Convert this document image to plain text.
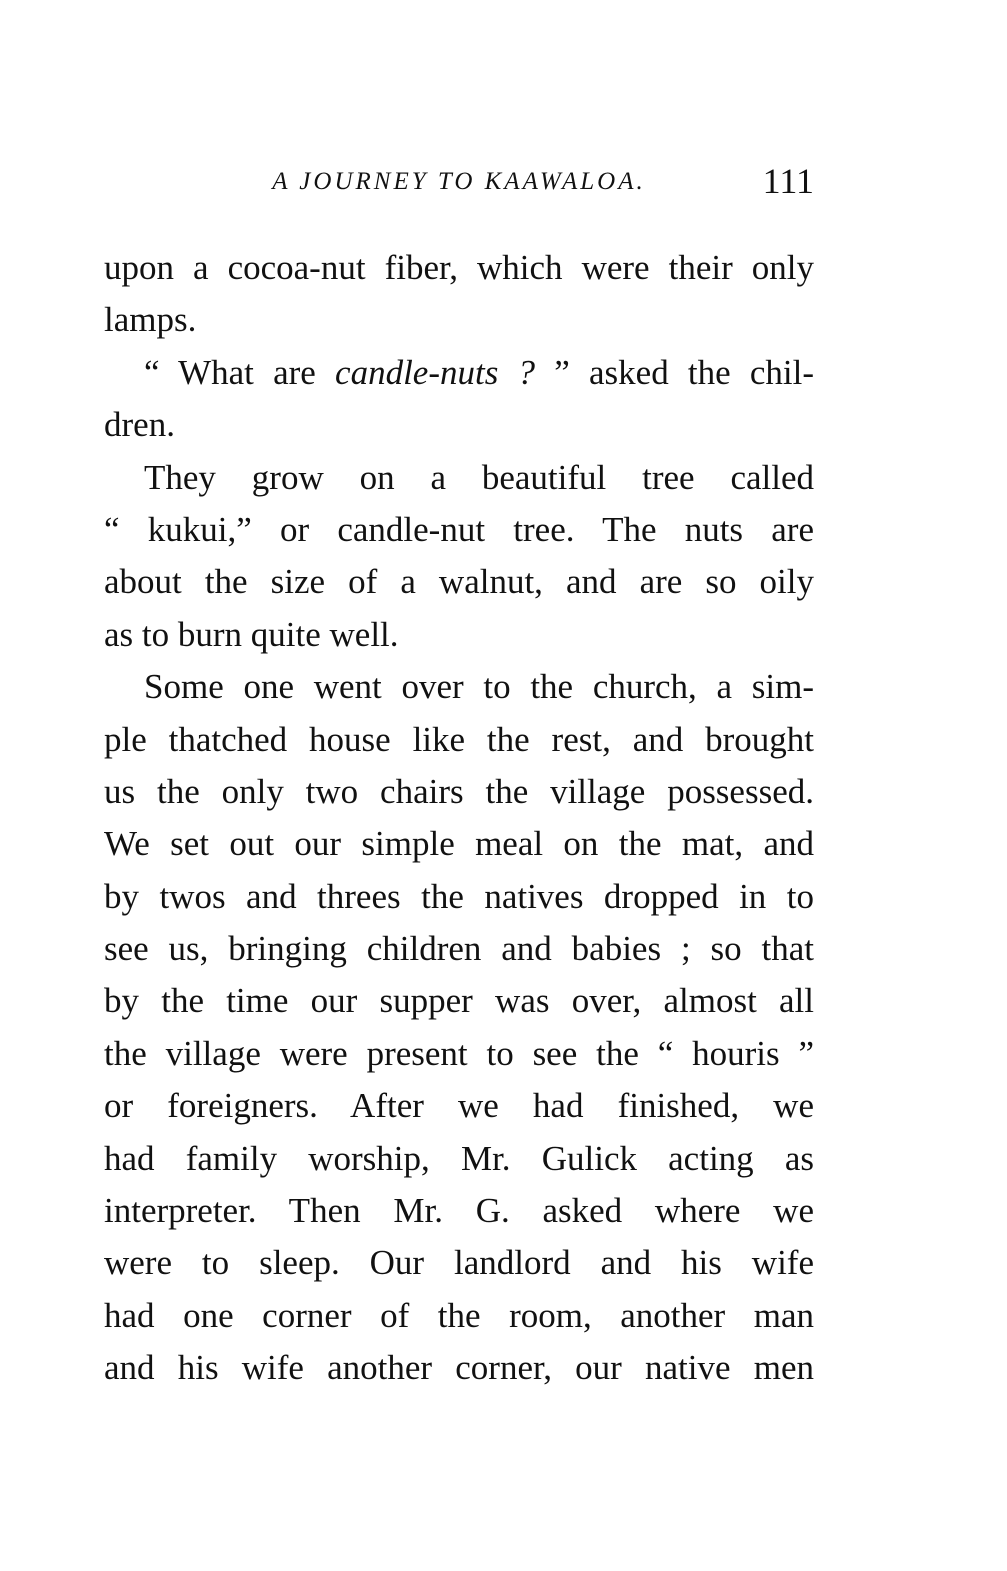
A JOURNEY TO KAAWALOA.	111
upon a cocoa-nut fiber, which were their only
lamps.
“ What are candle-nuts ? ” asked the chil-
dren.
They grow on a beautiful tree called
“ kukui,” or candle-nut tree. The nuts are
about the size of a walnut, and are so oily
as to burn quite well.
Some one went over to the church, a sim-
ple thatched house like the rest, and brought
us the only two chairs the village possessed.
We set out our simple meal on the mat, and
by twos and threes the natives dropped in to
see us, bringing children and babies ; so that
by the time our supper was over, almost all
the village were present to see the “ houris ”
or foreigners. After we had finished, we
had family worship, Mr. Gulick acting as
interpreter. Then Mr. G. asked where we
were to sleep. Our landlord and his wife
had one corner of the room, another man
and his wife another corner, our native men
